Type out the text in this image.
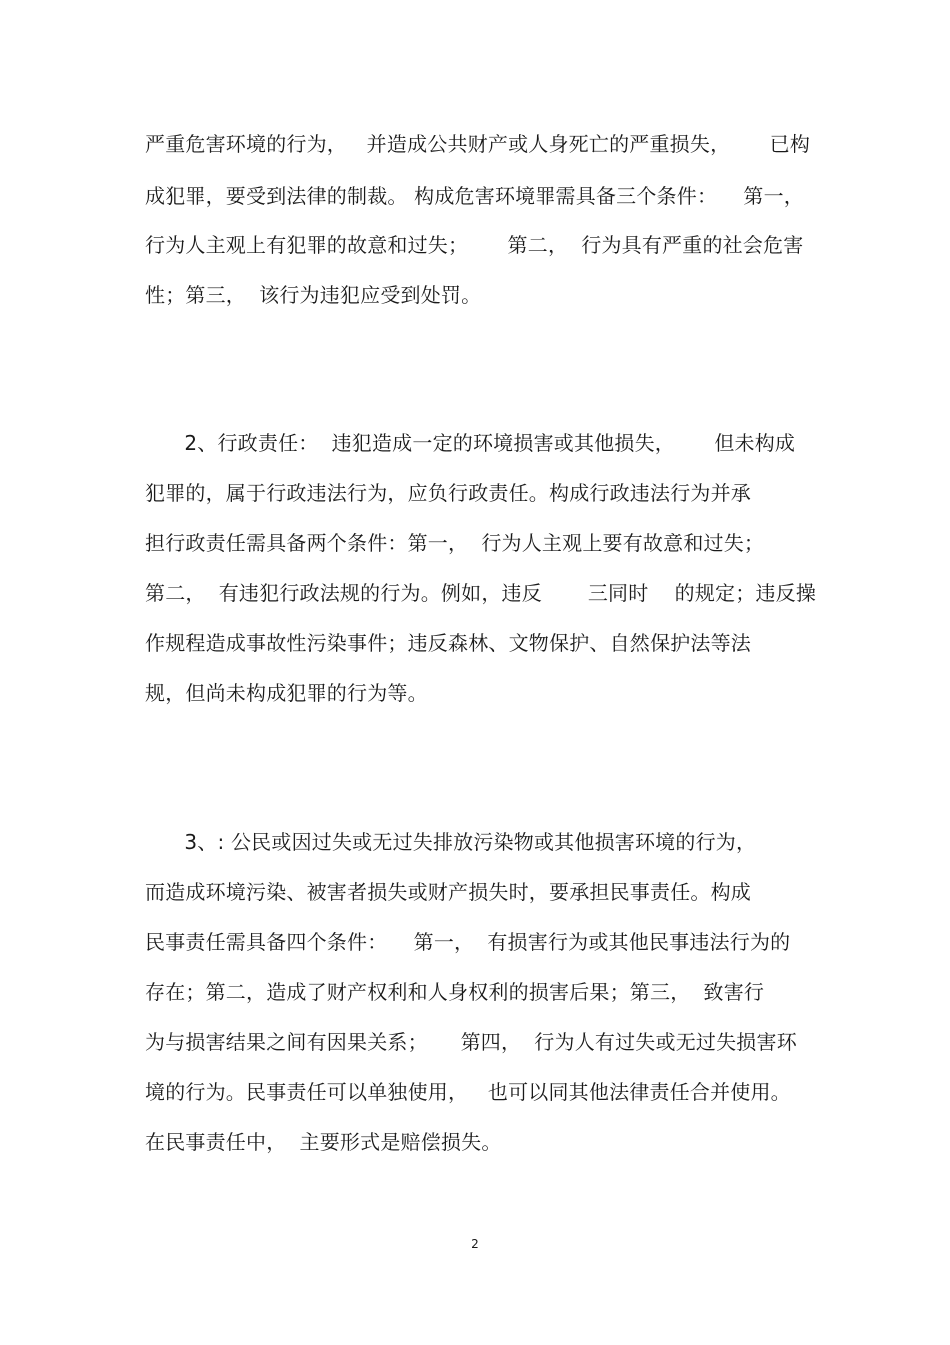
严重危害环境的行为，   并造成公共财产或人身死亡的严重损失，      已构
成犯罪，要受到法律的制裁。 构成危害环境罪需具备三个条件：    第一，
行为人主观上有犯罪的故意和过失；      第二，  行为具有严重的社会危害
性；第三，  该行为违犯应受到处罚。
2、行政责任：  违犯造成一定的环境损害或其他损失，      但未构成
犯罪的，属于行政违法行为，应负行政责任。构成行政违法行为并承
担行政责任需具备两个条件：第一，  行为人主观上要有故意和过失；
第二，  有违犯行政法规的行为。例如，违反       三同时    的规定；违反操
作规程造成事故性污染事件；违反森林、文物保护、自然保护法等法
规，但尚未构成犯罪的行为等。
3、: 公民或因过失或无过失排放污染物或其他损害环境的行为，
而造成环境污染、被害者损失或财产损失时，要承担民事责任。构成
民事责任需具备四个条件：    第一，  有损害行为或其他民事违法行为的
存在；第二，造成了财产权利和人身权利的损害后果；第三，  致害行
为与损害结果之间有因果关系；     第四，  行为人有过失或无过失损害环
境的行为。民事责任可以单独使用，   也可以同其他法律责任合并使用。
在民事责任中，  主要形式是赔偿损失。
2
